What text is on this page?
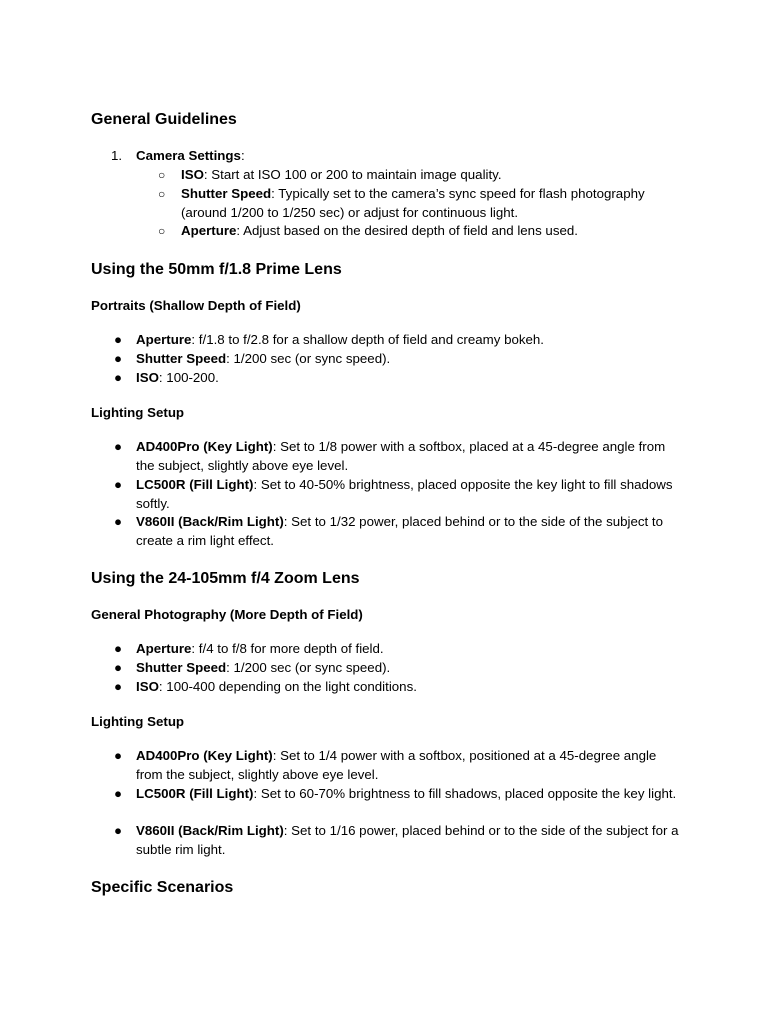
General Guidelines
1. Camera Settings:

○ ISO: Start at ISO 100 or 200 to maintain image quality.

○ Shutter Speed: Typically set to the camera’s sync speed for flash photography (around 1/200 to 1/250 sec) or adjust for continuous light.

○ Aperture: Adjust based on the desired depth of field and lens used.

Using the 50mm f/1.8 Prime Lens
Portraits (Shallow Depth of Field)
● Aperture: f/1.8 to f/2.8 for a shallow depth of field and creamy bokeh.

● Shutter Speed: 1/200 sec (or sync speed).

● ISO: 100-200.

Lighting Setup
● AD400Pro (Key Light): Set to 1/8 power with a softbox, placed at a 45-degree angle from the subject, slightly above eye level.

● LC500R (Fill Light): Set to 40-50% brightness, placed opposite the key light to fill shadows softly.

● V860II (Back/Rim Light): Set to 1/32 power, placed behind or to the side of the subject to create a rim light effect.

Using the 24-105mm f/4 Zoom Lens
General Photography (More Depth of Field)
● Aperture: f/4 to f/8 for more depth of field.

● Shutter Speed: 1/200 sec (or sync speed).

● ISO: 100-400 depending on the light conditions.

Lighting Setup
● AD400Pro (Key Light): Set to 1/4 power with a softbox, positioned at a 45-degree angle from the subject, slightly above eye level.

● LC500R (Fill Light): Set to 60-70% brightness to fill shadows, placed opposite the key light.

● V860II (Back/Rim Light): Set to 1/16 power, placed behind or to the side of the subject for a subtle rim light.

Specific Scenarios
